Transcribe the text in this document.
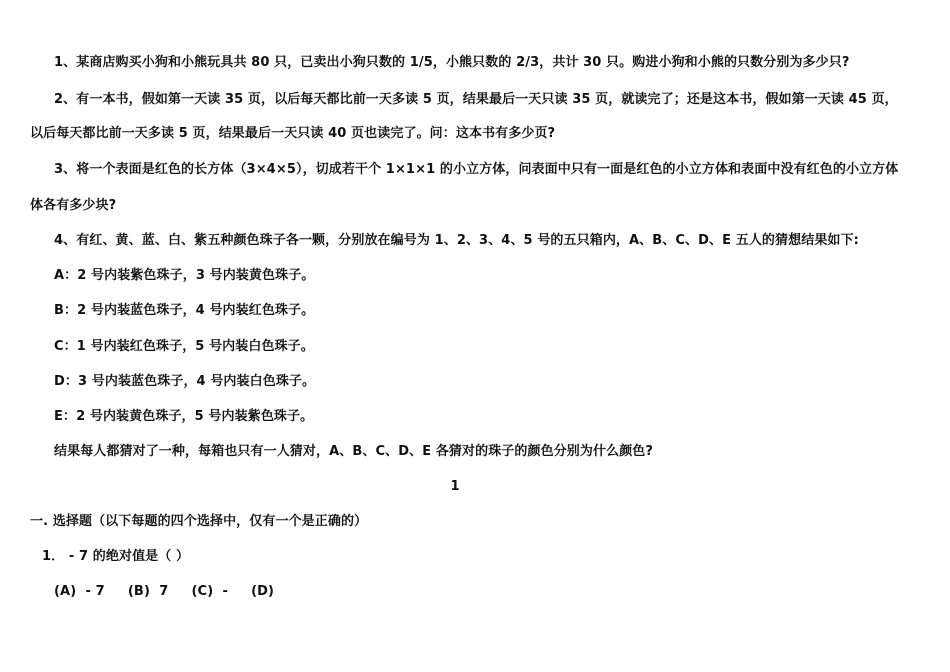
1、某商店购买小狗和小熊玩具共 80 只，已卖出小狗只数的 1/5，小熊只数的 2/3，共计 30 只。购进小狗和小熊的只数分别为多少只?
2、有一本书，假如第一天读 35 页，以后每天都比前一天多读 5 页，结果最后一天只读 35 页，就读完了；还是这本书，假如第一天读 45 页，
以后每天都比前一天多读 5 页，结果最后一天只读 40 页也读完了。问：这本书有多少页?
3、将一个表面是红色的长方体（3×4×5），切成若干个 1×1×1 的小立方体，问表面中只有一面是红色的小立方体和表面中没有红色的小立方体
体各有多少块?
4、有红、黄、蓝、白、紫五种颜色珠子各一颗，分别放在编号为 1、2、3、4、5 号的五只箱内，A、B、C、D、E 五人的猜想结果如下:
A：2 号内装紫色珠子，3 号内装黄色珠子。
B：2 号内装蓝色珠子，4 号内装红色珠子。
C：1 号内装红色珠子，5 号内装白色珠子。
D：3 号内装蓝色珠子，4 号内装白色珠子。
E：2 号内装黄色珠子，5 号内装紫色珠子。
结果每人都猜对了一种，每箱也只有一人猜对，A、B、C、D、E 各猜对的珠子的颜色分别为什么颜色?
1
一. 选择题（以下每题的四个选择中，仅有一个是正确的）
1． - 7 的绝对值是（ ）
(A)  - 7     (B)  7     (C)  -     (D)
